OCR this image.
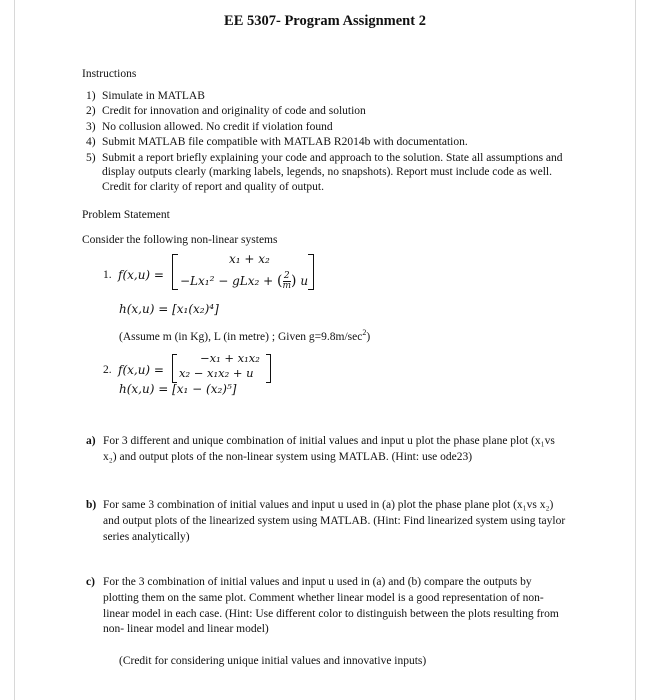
EE 5307- Program Assignment 2
Instructions
1) Simulate in MATLAB
2) Credit for innovation and originality of code and solution
3) No collusion allowed. No credit if violation found
4) Submit MATLAB file compatible with MATLAB R2014b with documentation.
5) Submit a report briefly explaining your code and approach to the solution. State all assumptions and display outputs clearly (marking labels, legends, no snapshots). Report must include code as well. Credit for clarity of report and quality of output.
Problem Statement
Consider the following non-linear systems
1. f(x,u) =
x₁ + x₂
−Lx₁² − gLx₂ + ( $\frac{2}{m}$ ) u
h(x,u) = [x₁(x₂)⁴]
(Assume m (in Kg), L (in metre) ; Given $g=9.8m/\sec^2$)
2. f(x,u) =
−x₁ + x₁x₂
x₂ − x₁x₂ + u
h(x,u) = [x₁ − (x₂)⁵]
a) For 3 different and unique combination of initial values and input u plot the phase plane plot (x₁vs x₂) and output plots of the non-linear system using MATLAB. (Hint: use ode23)
b) For same 3 combination of initial values and input u used in (a) plot the phase plane plot (x₁vs x₂) and output plots of the linearized system using MATLAB. (Hint: Find linearized system using taylor series analytically)
c) For the 3 combination of initial values and input u used in (a) and (b) compare the outputs by plotting them on the same plot. Comment whether linear model is a good representation of non-linear model in each case. (Hint: Use different color to distinguish between the plots resulting from non- linear model and linear model)
(Credit for considering unique initial values and innovative inputs)
